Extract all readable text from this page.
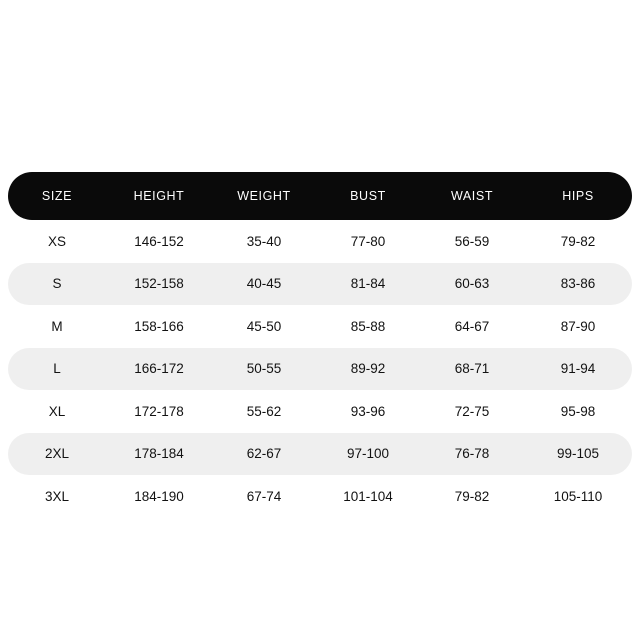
SIZE	HEIGHT	WEIGHT	BUST	WAIST	HIPS
XS	146-152	35-40	77-80	56-59	79-82
S	152-158	40-45	81-84	60-63	83-86
M	158-166	45-50	85-88	64-67	87-90
L	166-172	50-55	89-92	68-71	91-94
XL	172-178	55-62	93-96	72-75	95-98
2XL	178-184	62-67	97-100	76-78	99-105
3XL	184-190	67-74	101-104	79-82	105-110
